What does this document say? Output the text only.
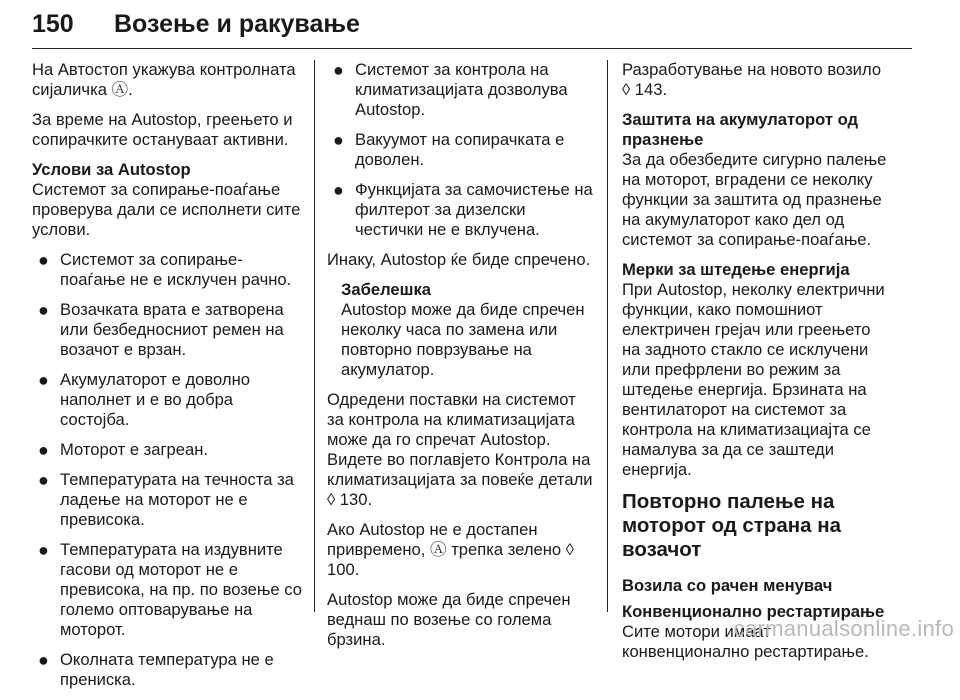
150 Возење и ракување

На Автостоп укажува контролната сијаличка Ⓐ.

За време на Autostop, греењето и сопирачките остануваат активни.

Услови за Autostop

Системот за сопирање-поаѓање проверува дали се исполнети сите услови.

● Системот за сопирање-поаѓање не е исклучен рачно.
● Возачката врата е затворена или безбедносниот ремен на возачот е врзан.
● Акумулаторот е доволно наполнет и е во добра состојба.
● Моторот е загреан.
● Температурата на течноста за ладење на моторот не е превисока.
● Температурата на издувните гасови од моторот не е превисока, на пр. по возење со големо оптоварување на моторот.
● Околната температура не е прениска.
● Системот за контрола на климатизацијата дозволува Autostop.
● Вакуумот на сопирачката е доволен.
● Функцијата за самочистење на филтерот за дизелски честички не е вклучена.

Инаку, Autostop ќе биде спречено.

Забелешка
Autostop може да биде спречен неколку часа по замена или повторно поврзување на акумулатор.

Одредени поставки на системот за контрола на климатизацијата може да го спречат Autostop. Видете во поглавјето Контрола на климатизацијата за повеќе детали ◊ 130.

Ако Autostop не е достапен привремено, Ⓐ трепка зелено ◊ 100.

Autostop може да биде спречен веднаш по возење со голема брзина.

Разработување на новото возило ◊ 143.

Заштита на акумулаторот од празнење

За да обезбедите сигурно палење на моторот, вградени се неколку функции за заштита од празнење на акумулаторот како дел од системот за сопирање-поаѓање.

Мерки за штедење енергија

При Autostop, неколку електрични функции, како помошниот електричен грејач или греењето на задното стакло се исклучени или префрлени во режим за штедење енергија. Брзината на вентилаторот на системот за контрола на климатизациајта се намалува за да се заштеди енергија.

Повторно палење на моторот од страна на возачот

Возила со рачен менувач

Конвенционално рестартирање

Сите мотори имаат конвенционално рестартирање.

carmanualsonline.info
